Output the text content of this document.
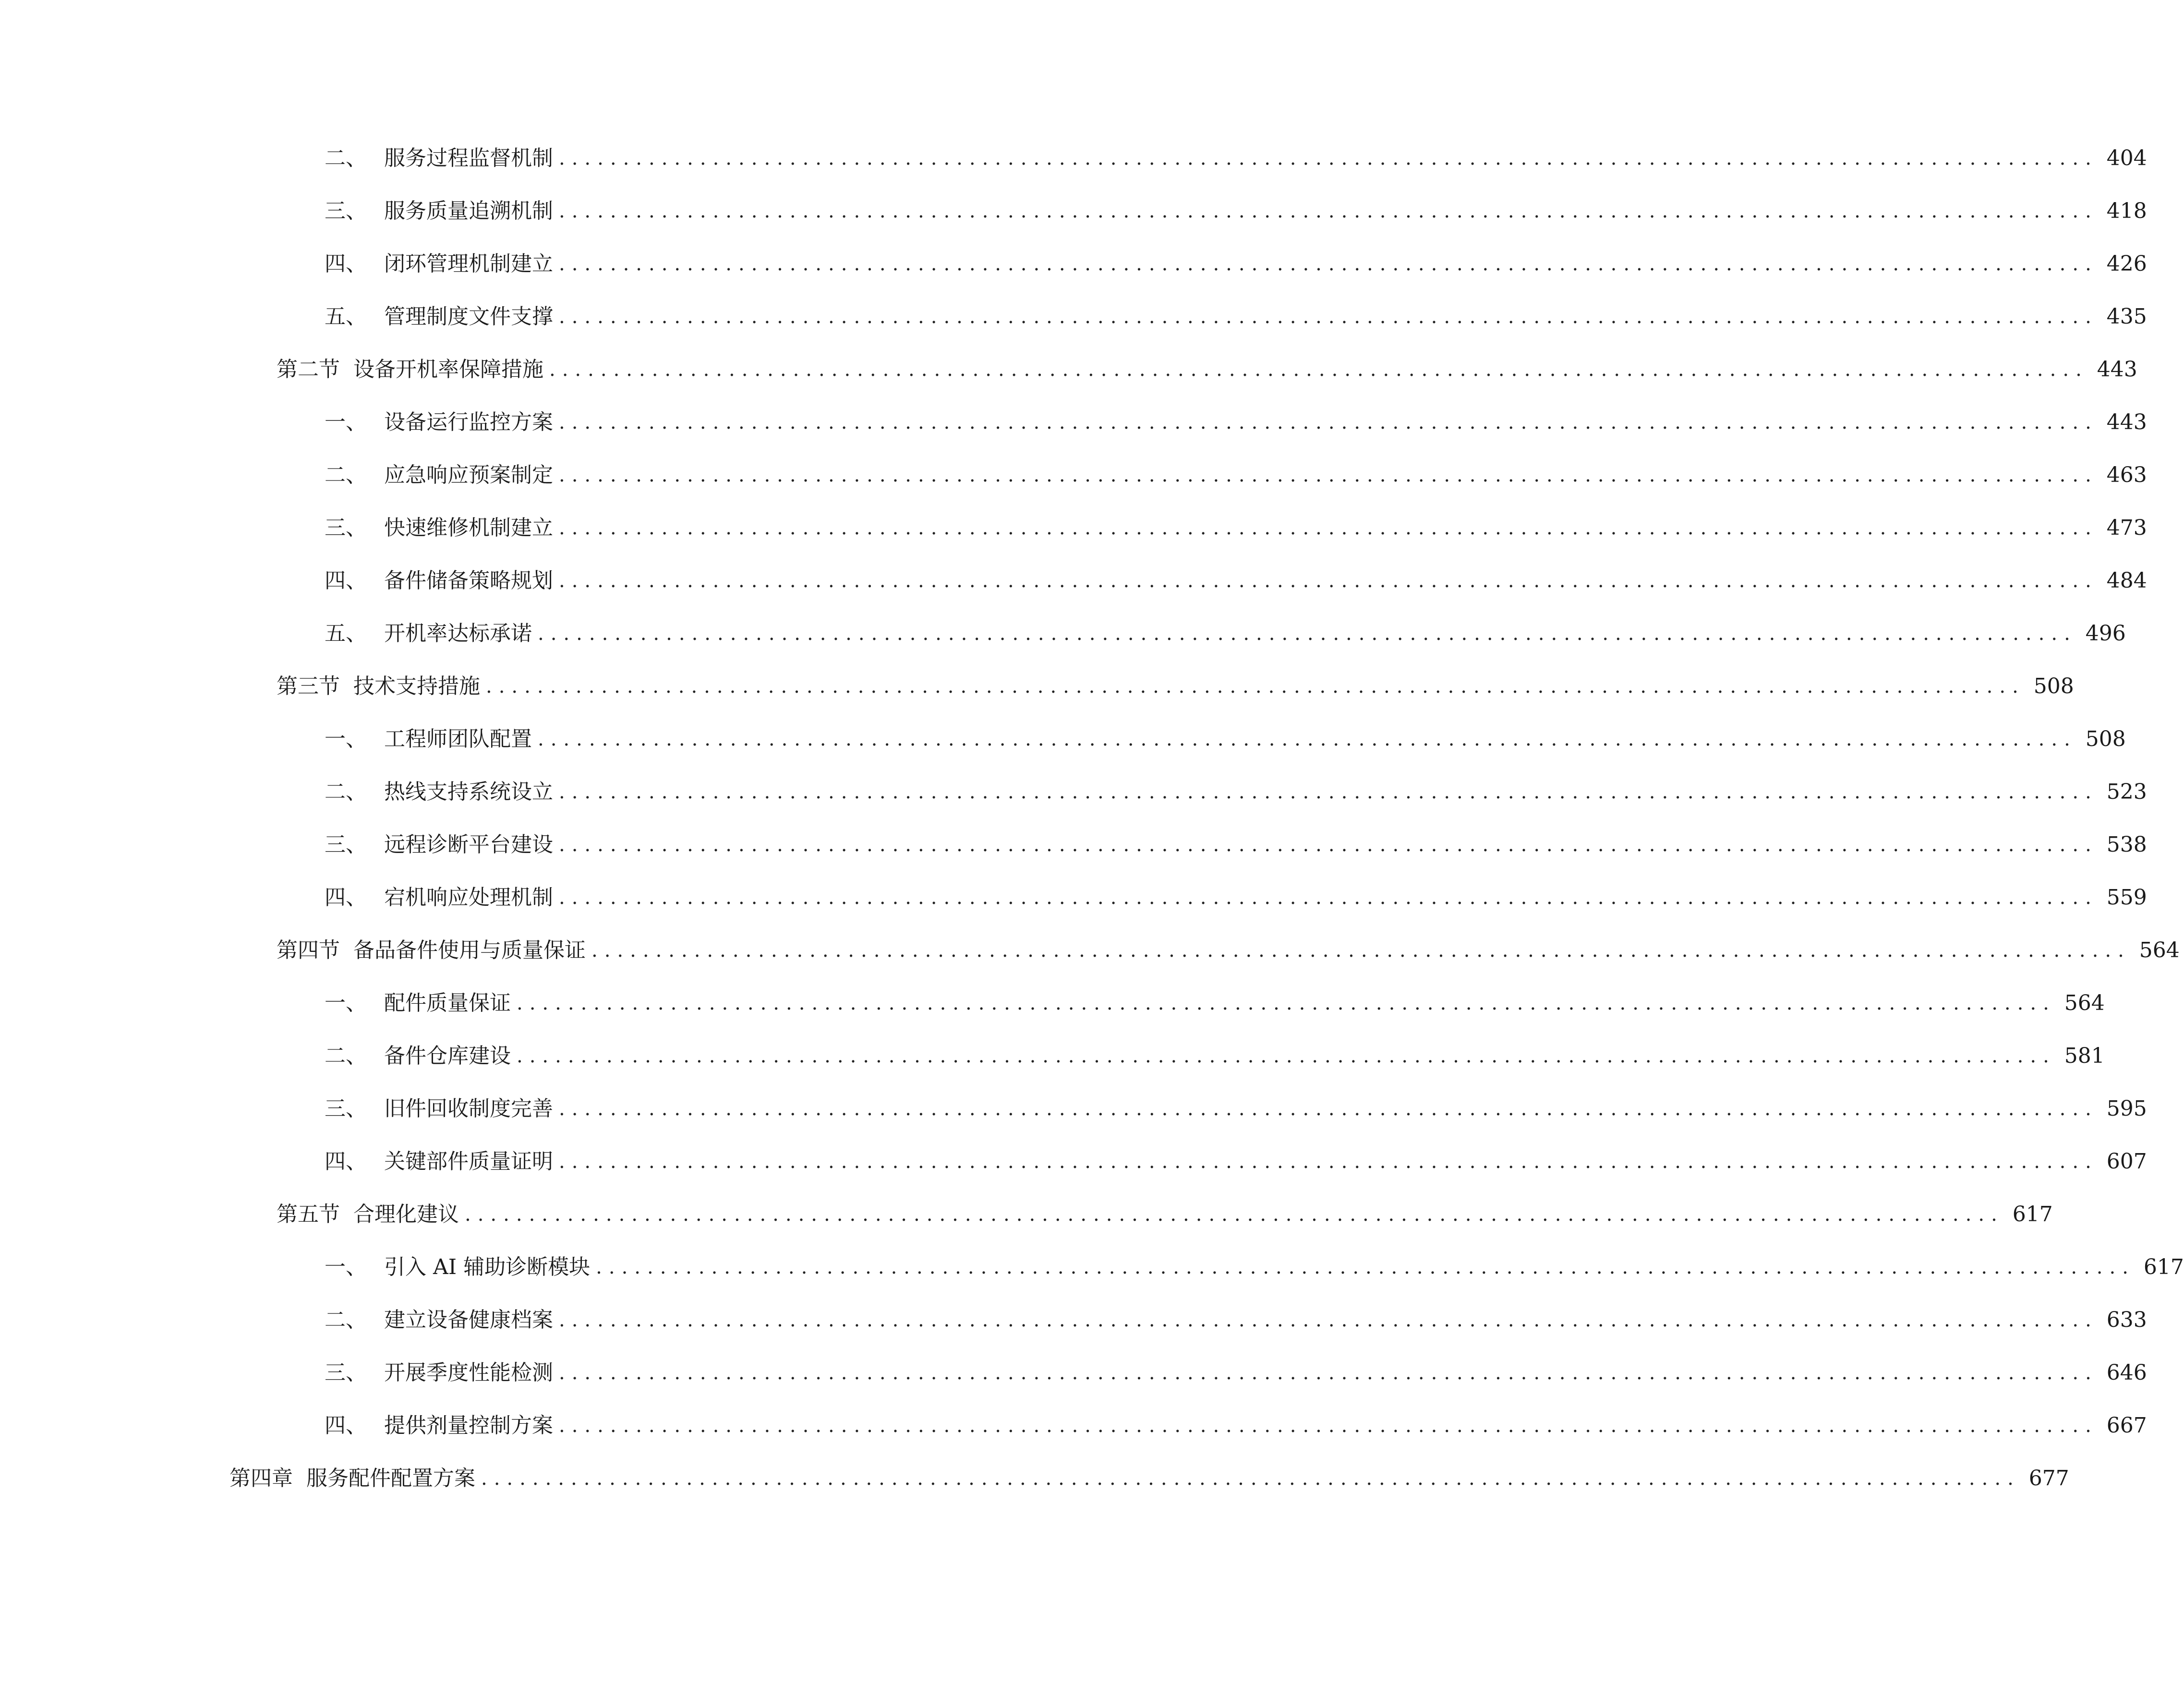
二、 服务过程监督机制 ........................................................................................................................ 404
三、 服务质量追溯机制 ........................................................................................................................ 418
四、 闭环管理机制建立 ........................................................................................................................ 426
五、 管理制度文件支撑 ........................................................................................................................ 435
第二节 设备开机率保障措施 ........................................................................................................................ 443
一、 设备运行监控方案 ........................................................................................................................ 443
二、 应急响应预案制定 ........................................................................................................................ 463
三、 快速维修机制建立 ........................................................................................................................ 473
四、 备件储备策略规划 ........................................................................................................................ 484
五、 开机率达标承诺 ........................................................................................................................ 496
第三节 技术支持措施 ........................................................................................................................ 508
一、 工程师团队配置 ........................................................................................................................ 508
二、 热线支持系统设立 ........................................................................................................................ 523
三、 远程诊断平台建设 ........................................................................................................................ 538
四、 宕机响应处理机制 ........................................................................................................................ 559
第四节 备品备件使用与质量保证 ........................................................................................................................ 564
一、 配件质量保证 ........................................................................................................................ 564
二、 备件仓库建设 ........................................................................................................................ 581
三、 旧件回收制度完善 ........................................................................................................................ 595
四、 关键部件质量证明 ........................................................................................................................ 607
第五节 合理化建议 ........................................................................................................................ 617
一、 引入 AI 辅助诊断模块 ........................................................................................................................ 617
二、 建立设备健康档案 ........................................................................................................................ 633
三、 开展季度性能检测 ........................................................................................................................ 646
四、 提供剂量控制方案 ........................................................................................................................ 667
第四章 服务配件配置方案 ........................................................................................................................ 677
